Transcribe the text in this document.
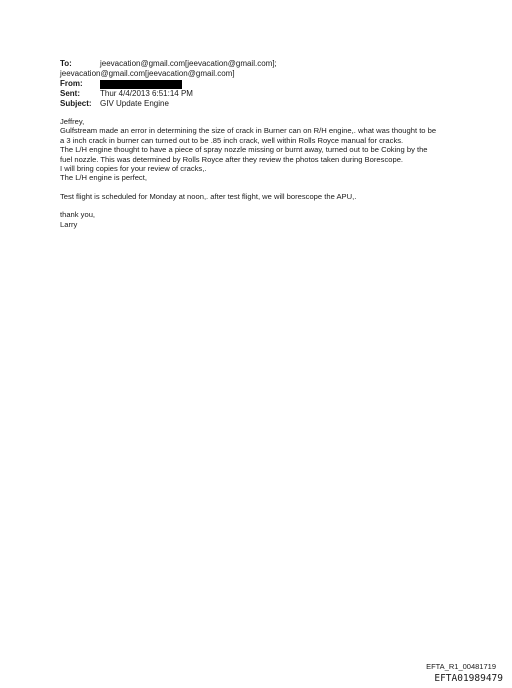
To:	jeevacation@gmail.com[jeevacation@gmail.com];
jeevacation@gmail.com[jeevacation@gmail.com]
From:
Sent:	Thur 4/4/2013 6:51:14 PM
Subject:	GIV Update Engine

Jeffrey,

Gulfstream made an error in determining the size of crack in Burner can on R/H engine,. what was thought to be

a 3 inch crack in burner can turned out to be .85 inch crack, well within Rolls Royce manual for cracks.

The L/H engine thought to have a piece of spray nozzle missing or burnt away, turned out to be Coking by the

fuel nozzle. This was determined by Rolls Royce after they review the photos taken during Borescope.

I will bring copies for your review of cracks,.

The L/H engine is perfect,

Test flight is scheduled for Monday at noon,. after test flight, we will borescope the APU,.

thank you,

Larry

EFTA_R1_00481719
EFTA01989479
